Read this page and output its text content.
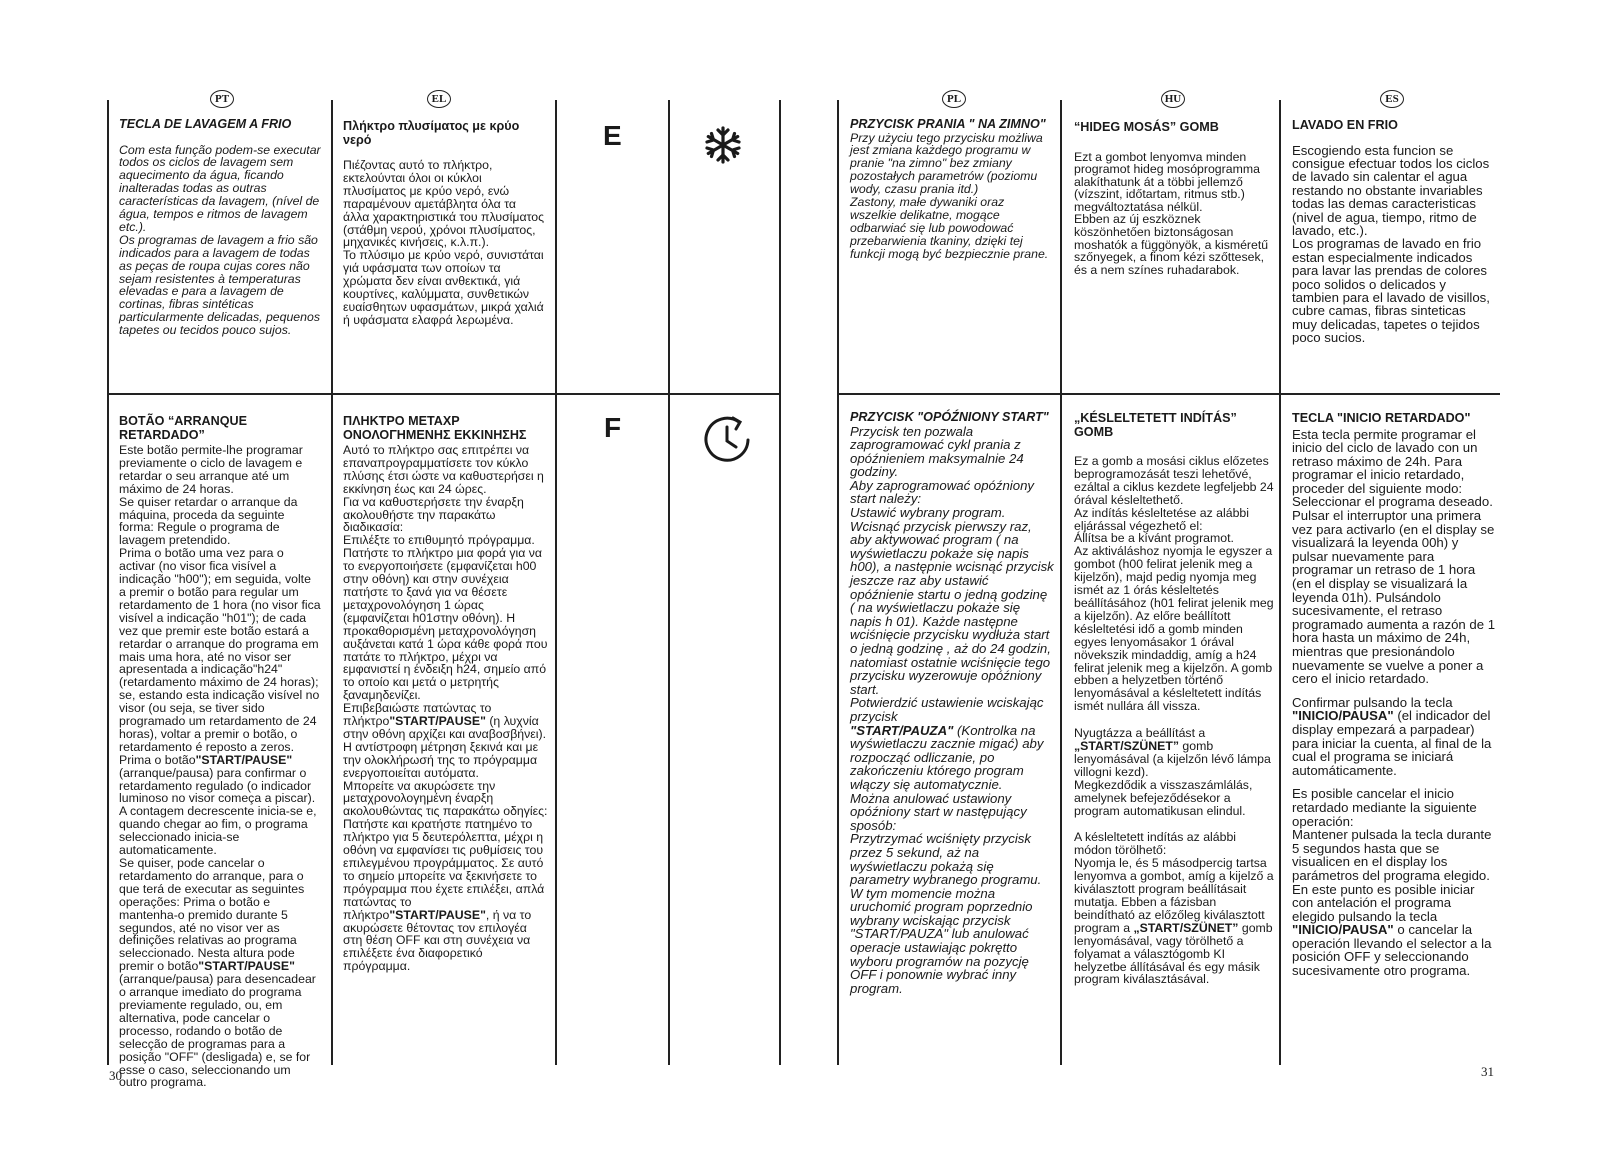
PT	EL	PL	HU	ES
E
F

TECLA DE LAVAGEM A FRIO

Com esta função podem-se executar todos os ciclos de lavagem sem aquecimento da água, ficando inalteradas todas as outras características da lavagem, (nível de água, tempos e ritmos de lavagem etc.).

Os programas de lavagem a frio são indicados para a lavagem de todas as peças de roupa cujas cores não sejam resistentes à temperaturas elevadas e para a lavagem de cortinas, fibras sintéticas particularmente delicadas, pequenos tapetes ou tecidos pouco sujos.

BOTÃO “ARRANQUE RETARDADO”

Este botão permite-lhe programar previamente o ciclo de lavagem e retardar o seu arranque até um máximo de 24 horas.
Se quiser retardar o arranque da máquina, proceda da seguinte forma: Regule o programa de lavagem pretendido.
Prima o botão uma vez para o activar (no visor fica visível a indicação "h00"); em seguida, volte a premir o botão para regular um retardamento de 1 hora (no visor fica visível a indicação "h01"); de cada vez que premir este botão estará a retardar o arranque do programa em mais uma hora, até no visor ser apresentada a indicação"h24" (retardamento máximo de 24 horas); se, estando esta indicação visível no visor (ou seja, se tiver sido programado um retardamento de 24 horas), voltar a premir o botão, o retardamento é reposto a zeros. Prima o botão"START/PAUSE" (arranque/pausa) para confirmar o retardamento regulado (o indicador luminoso no visor começa a piscar). A contagem decrescente inicia-se e, quando chegar ao fim, o programa seleccionado inicia-se automaticamente.
Se quiser, pode cancelar o retardamento do arranque, para o que terá de executar as seguintes operações: Prima o botão e mantenha-o premido durante 5 segundos, até no visor ver as definições relativas ao programa seleccionado. Nesta altura pode premir o botão"START/PAUSE" (arranque/pausa) para desencadear o arranque imediato do programa previamente regulado, ou, em alternativa, pode cancelar o processo, rodando o botão de selecção de programas para a posição "OFF" (desligada) e, se for esse o caso, seleccionando um outro programa.

Πλήκτρο πλυσίματος με κρύο νερό

Πιέζοντας αυτό το πλήκτρο, εκτελούνται όλοι οι κύκλοι πλυσίματος με κρύο νερό, ενώ παραμένουν αμετάβλητα όλα τα άλλα χαρακτηριστικά του πλυσίματος (στάθμη νερού, χρόνοι πλυσίματος, μηχανικές κινήσεις, κ.λ.π.).
Το πλύσιμο με κρύο νερό, συνιστάται γιά υφάσματα των οποίων τα χρώματα δεν είναι ανθεκτικά, γιά κουρτίνες, καλύμματα, συνθετικών ευαίσθητων υφασμάτων, μικρά χαλιά ή υφάσματα ελαφρά λερωμένα.

ΠΛΗΚΤΡΟ ΜΕΤΑΧΡ ΟΝΟΛΟΓΗΜΕΝΗΣ ΕΚΚΙΝΗΣΗΣ

Αυτό το πλήκτρο σας επιτρέπει να επαναπρογραμματίσετε τον κύκλο πλύσης έτσι ώστε να καθυστερήσει η εκκίνηση έως και 24 ώρες.
Για να καθυστερήσετε την έναρξη ακολουθήστε την παρακάτω διαδικασία:
Επιλέξτε το επιθυμητό πρόγραμμα.
Πατήστε το πλήκτρο μια φορά για να το ενεργοποιήσετε (εμφανίζεται h00 στην οθόνη) και στην συνέχεια πατήστε το ξανά για να θέσετε μεταχρονολόγηση 1 ώρας (εμφανίζεται h01στην οθόνη). Η προκαθορισμένη μεταχρονολόγηση αυξάνεται κατά 1 ώρα κάθε φορά που πατάτε το πλήκτρο, μέχρι να εμφανιστεί η ένδειξη h24, σημείο από το οποίο και μετά ο μετρητής ξαναμηδενίζει.
Επιβεβαιώστε πατώντας το πλήκτρο"START/PAUSE" (η λυχνία στην οθόνη αρχίζει και αναβοσβήνει). Η αντίστροφη μέτρηση ξεκινά και με την ολοκλήρωσή της το πρόγραμμα ενεργοποιείται αυτόματα.
Μπορείτε να ακυρώσετε την μεταχρονολογημένη έναρξη ακολουθώντας τις παρακάτω οδηγίες:
Πατήστε και κρατήστε πατημένο το πλήκτρο για 5 δευτερόλεπτα, μέχρι η οθόνη να εμφανίσει τις ρυθμίσεις του επιλεγμένου προγράμματος. Σε αυτό το σημείο μπορείτε να ξεκινήσετε το πρόγραμμα που έχετε επιλέξει, απλά πατώντας το πλήκτρο"START/PAUSE", ή να το ακυρώσετε θέτοντας τον επιλογέα στη θέση OFF και στη συνέχεια να επιλέξετε ένα διαφορετικό πρόγραμμα.

PRZYCISK PRANIA " NA ZIMNO"

Przy użyciu tego przycisku możliwa jest zmiana każdego programu w pranie "na zimno" bez zmiany pozostałych parametrów (poziomu wody, czasu prania itd.)
Zastony, małe dywaniki oraz wszelkie delikatne, mogące odbarwiać się lub powodować przebarwienia tkaniny, dzięki tej funkcji mogą być bezpiecznie prane.

PRZYCISK "OPÓŹNIONY START"

Przycisk ten pozwala zaprogramować cykl prania z opóźnieniem maksymalnie 24 godziny.
Aby zaprogramować opóźniony start należy:
Ustawić wybrany program.
Wcisnąć przycisk pierwszy raz, aby aktywować program ( na wyświetlaczu pokaże się napis h00), a następnie wcisnąć przycisk jeszcze raz aby ustawić opóźnienie startu o jedną godzinę ( na wyświetlaczu pokaże się napis h 01). Każde następne wciśnięcie przycisku wydłuża start o jedną godzinę , aż do 24 godzin, natomiast ostatnie wciśnięcie tego przycisku wyzerowuje opóźniony start.
Potwierdzić ustawienie wciskając przycisk
"START/PAUZA" (Kontrolka na wyświetlaczu zacznie migać) aby rozpocząć odliczanie, po zakończeniu którego program włączy się automatycznie.
Można anulować ustawiony opóźniony start w następujący sposób:
Przytrzymać wciśnięty przycisk przez 5 sekund, aż na wyświetlaczu pokażą się parametry wybranego programu. W tym momencie można uruchomić program poprzednio wybrany wciskając przycisk "START/PAUZA" lub anulować operacje ustawiając pokrętto wyboru programów na pozycję OFF i ponownie wybrać inny program.

“HIDEG MOSÁS” GOMB

Ezt a gombot lenyomva minden programot hideg mosóprogramma alakíthatunk át a többi jellemző (vízszint, időtartam, ritmus stb.) megváltoztatása nélkül.
Ebben az új eszköznek köszönhetően biztonságosan moshatók a függönyök, a kisméretű szőnyegek, a finom kézi szőttesek, és a nem színes ruhadarabok.

„KÉSLELTETETT INDÍTÁS” GOMB

Ez a gomb a mosási ciklus előzetes beprogramozását teszi lehetővé, ezáltal a ciklus kezdete legfeljebb 24 órával késleltethető.
Az indítás késleltetése az alábbi eljárással végezhető el:
Állítsa be a kívánt programot.
Az aktiváláshoz nyomja le egyszer a gombot (h00 felirat jelenik meg a kijelzőn), majd pedig nyomja meg ismét az 1 órás késleltetés beállításához (h01 felirat jelenik meg a kijelzőn). Az előre beállított késleltetési idő a gomb minden egyes lenyomásakor 1 órával növekszik mindaddig, amíg a h24 felirat jelenik meg a kijelzőn. A gomb ebben a helyzetben történő lenyomásával a késleltetett indítás ismét nullára áll vissza.

Nyugtázza a beállítást a
„START/SZÜNET” gomb lenyomásával (a kijelzőn lévő lámpa villogni kezd).
Megkezdődik a visszaszámlálás, amelynek befejeződésekor a program automatikusan elindul.

A késleltetett indítás az alábbi módon törölhető:
Nyomja le, és 5 másodpercig tartsa lenyomva a gombot, amíg a kijelző a kiválasztott program beállításait mutatja. Ebben a fázisban beindítható az előzőleg kiválasztott program a „START/SZÜNET” gomb lenyomásával, vagy törölhető a folyamat a választógomb KI helyzetbe állításával és egy másik program kiválasztásával.

LAVADO EN FRIO

Escogiendo esta funcion se consigue efectuar todos los ciclos de lavado sin calentar el agua restando no obstante invariables todas las demas caracteristicas (nivel de agua, tiempo, ritmo de lavado, etc.).
Los programas de lavado en frio estan especialmente indicados para lavar las prendas de colores poco solidos o delicados y tambien para el lavado de visillos, cubre camas, fibras sinteticas muy delicadas, tapetes o tejidos poco sucios.

TECLA "INICIO RETARDADO"

Esta tecla permite programar el inicio del ciclo de lavado con un retraso máximo de 24h. Para programar el inicio retardado, proceder del siguiente modo:
Seleccionar el programa deseado. Pulsar el interruptor una primera vez para activarlo (en el display se visualizará la leyenda 00h) y pulsar nuevamente para programar un retraso de 1 hora (en el display se visualizará la leyenda 01h). Pulsándolo sucesivamente, el retraso programado aumenta a razón de 1 hora hasta un máximo de 24h, mientras que presionándolo nuevamente se vuelve a poner a cero el inicio retardado.

Confirmar pulsando la tecla "INICIO/PAUSA" (el indicador del display empezará a parpadear) para iniciar la cuenta, al final de la cual el programa se iniciará automáticamente.

Es posible cancelar el inicio retardado mediante la siguiente operación:
Mantener pulsada la tecla durante 5 segundos hasta que se visualicen en el display los parámetros del programa elegido. En este punto es posible iniciar con antelación el programa elegido pulsando la tecla "INICIO/PAUSA" o cancelar la operación llevando el selector a la posición OFF y seleccionando sucesivamente otro programa.

30	31
